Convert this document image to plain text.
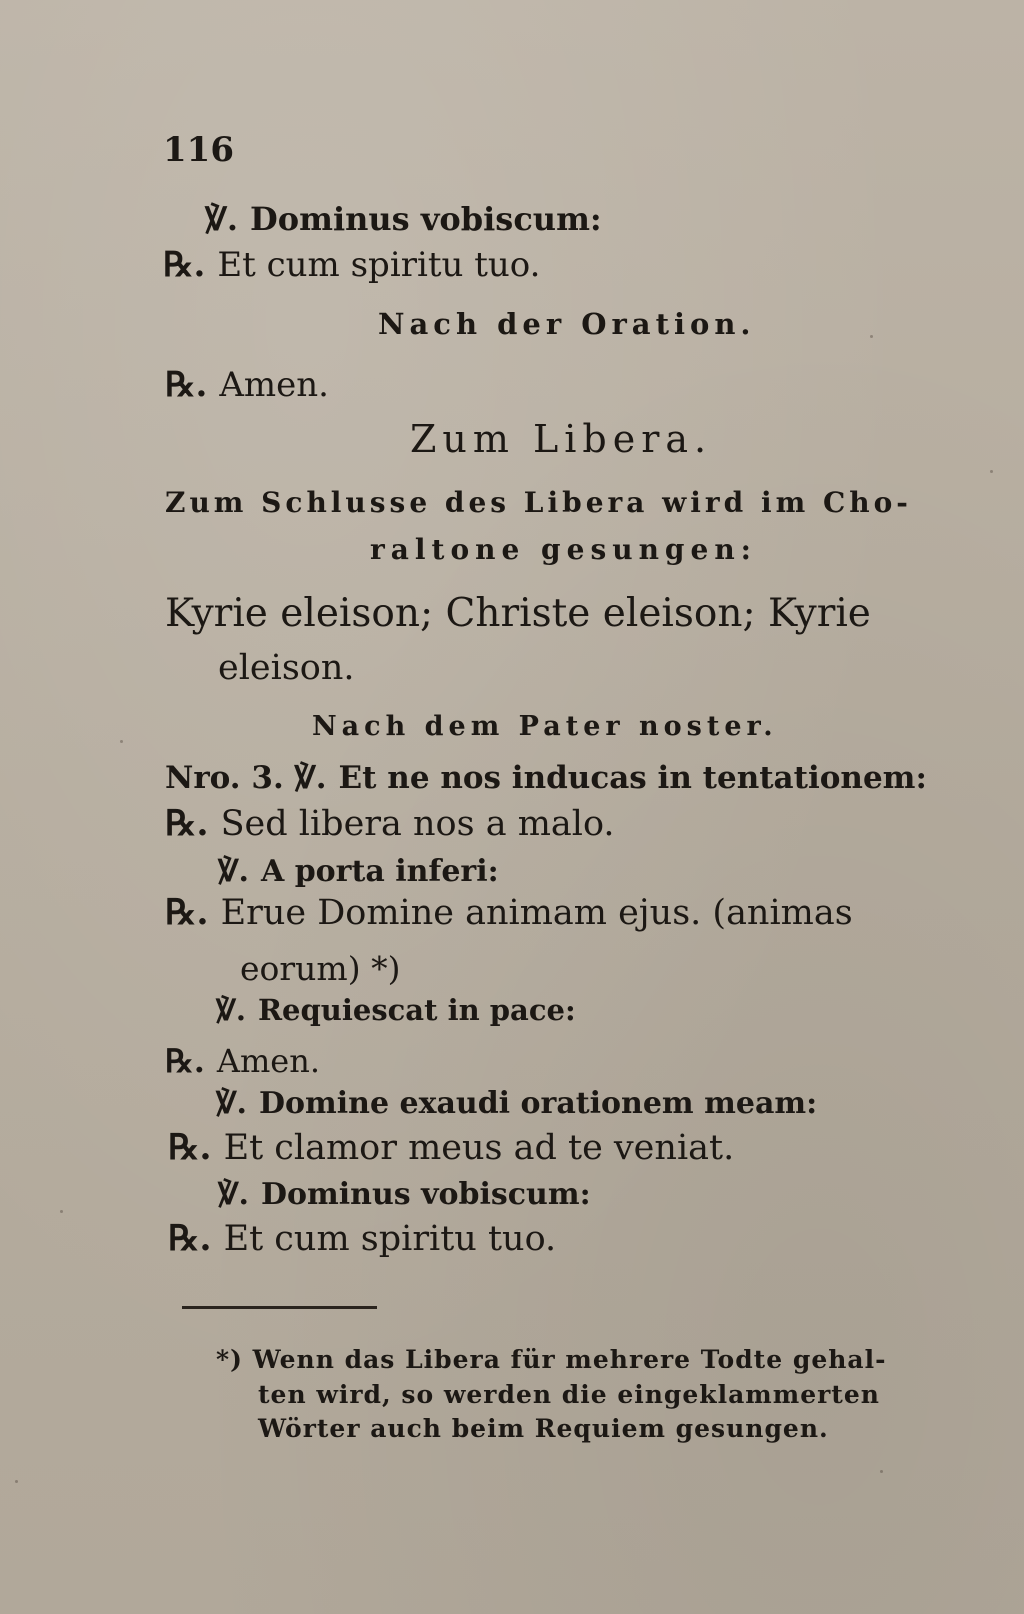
116
℣. Dominus vobiscum:
℞. Et cum spiritu tuo.
Nach der Oration.
℞. Amen.
Zum Libera.
Zum Schlusse des Libera wird im Cho-
raltone gesungen:
Kyrie eleison; Christe eleison; Kyrie
eleison.
Nach dem Pater noster.
Nro. 3. ℣. Et ne nos inducas in tentationem:
℞. Sed libera nos a malo.
℣. A porta inferi:
℞. Erue Domine animam ejus. (animas
eorum) *)
℣. Requiescat in pace:
℞. Amen.
℣. Domine exaudi orationem meam:
℞. Et clamor meus ad te veniat.
℣. Dominus vobiscum:
℞. Et cum spiritu tuo.
*) Wenn das Libera für mehrere Todte gehal-
ten wird, so werden die eingeklammerten
Wörter auch beim Requiem gesungen.
